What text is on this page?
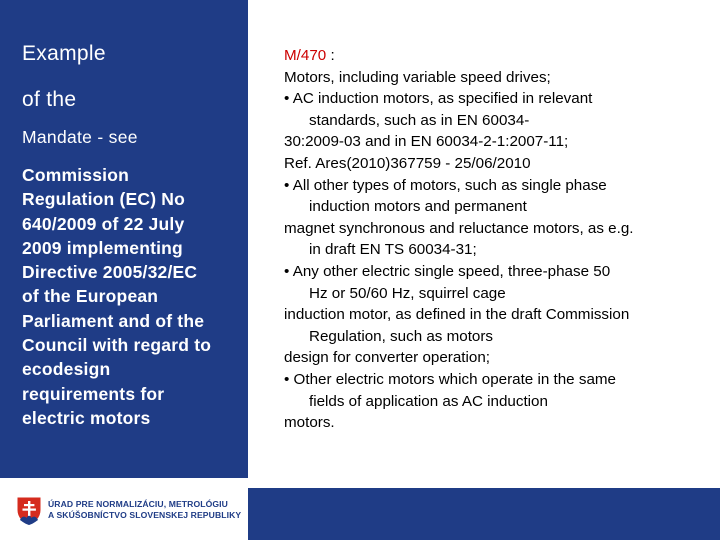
Example
of the
Mandate - see
Commission
Regulation (EC) No
640/2009 of 22 July
2009 implementing
Directive 2005/32/EC
of the European
Parliament and of the
Council with regard to
ecodesign
requirements for
electric motors
M/470 :
Motors, including variable speed drives;
• AC induction motors, as specified in relevant
standards, such as in EN 60034-
30:2009-03 and in EN 60034-2-1:2007-11;
Ref. Ares(2010)367759 - 25/06/2010
• All other types of motors, such as single phase
induction motors and permanent
magnet synchronous and reluctance motors, as e.g.
in draft EN TS 60034-31;
• Any other electric single speed, three-phase 50
Hz or 50/60 Hz, squirrel cage
induction motor, as defined in the draft Commission
Regulation, such as motors
design for converter operation;
• Other electric motors which operate in the same
fields of application as AC induction
motors.
ÚRAD PRE NORMALIZÁCIU, METROLÓGIU
A SKÚŠOBNÍCTVO SLOVENSKEJ REPUBLIKY
